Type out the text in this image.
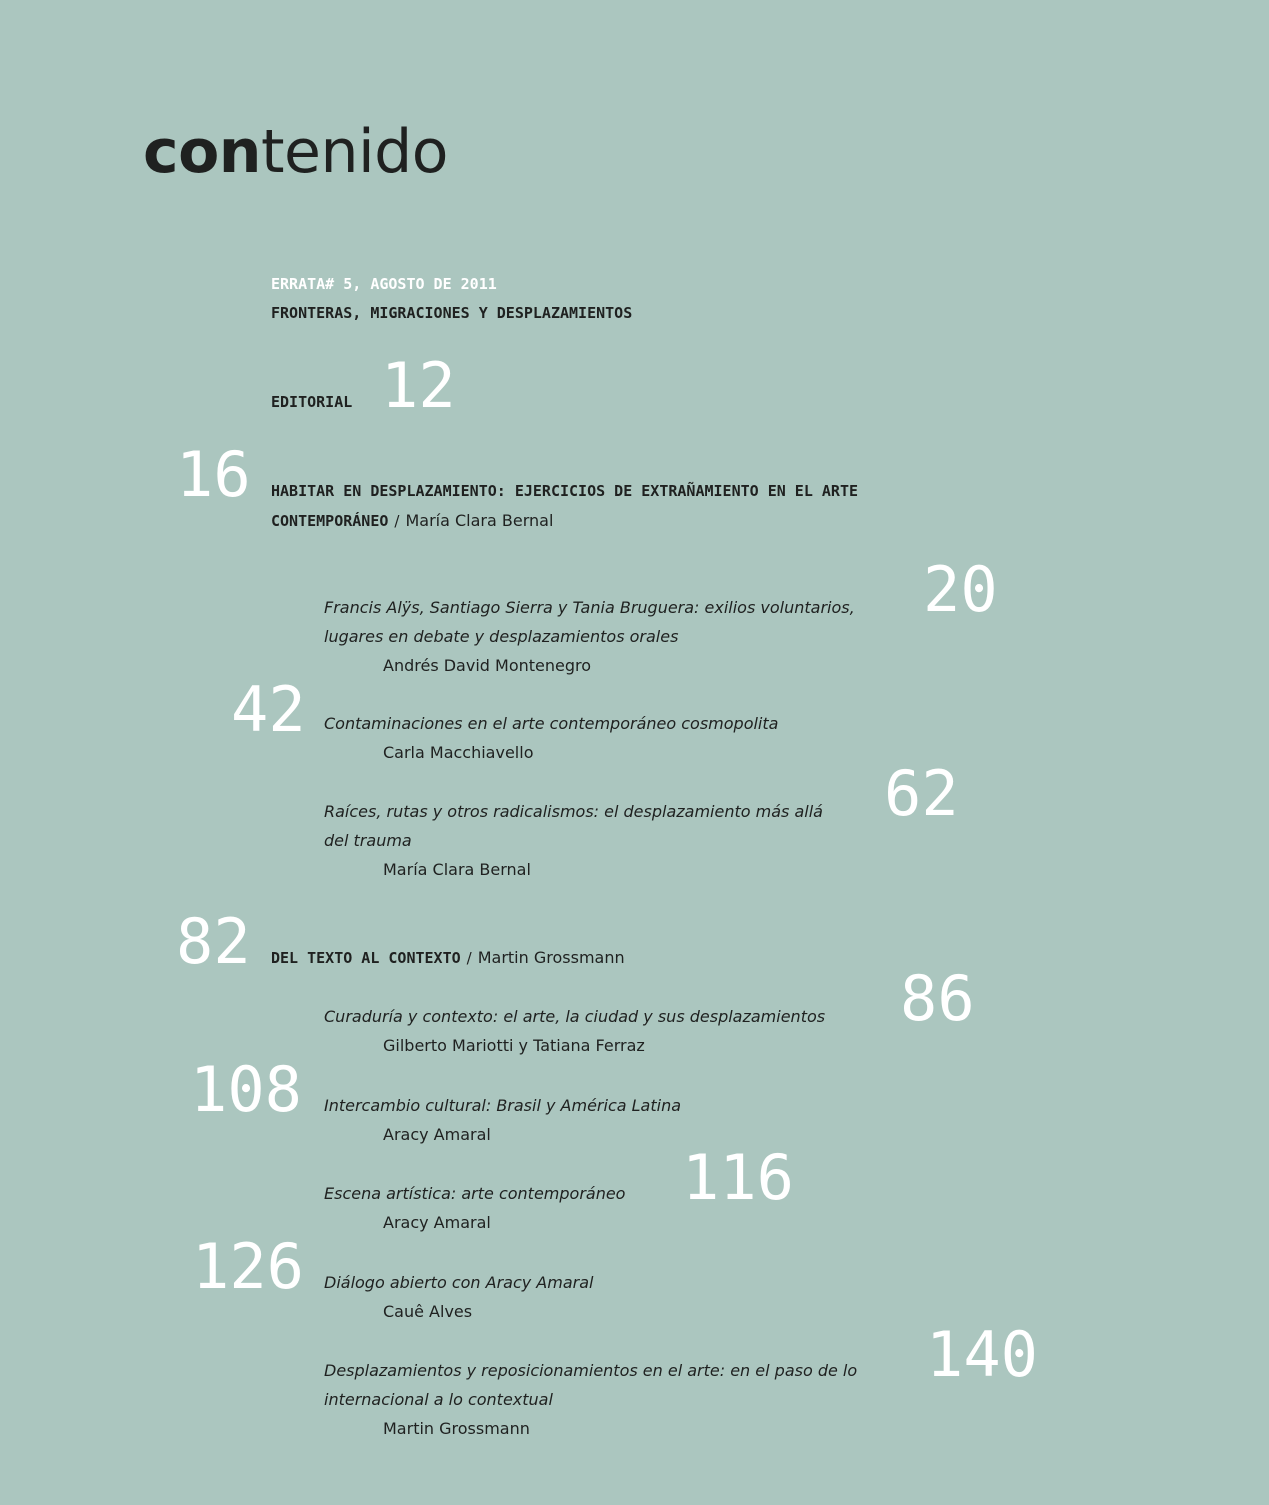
contenido
ERRATA# 5, AGOSTO DE 2011
FRONTERAS, MIGRACIONES Y DESPLAZAMIENTOS
EDITORIAL 12
16 HABITAR EN DESPLAZAMIENTO: EJERCICIOS DE EXTRAÑAMIENTO EN EL ARTE
CONTEMPORÁNEO / María Clara Bernal
Francis Alÿs, Santiago Sierra y Tania Bruguera: exilios voluntarios,
lugares en debate y desplazamientos orales
Andrés David Montenegro
20
42 Contaminaciones en el arte contemporáneo cosmopolita
Carla Macchiavello
Raíces, rutas y otros radicalismos: el desplazamiento más allá
del trauma
María Clara Bernal
62
82 DEL TEXTO AL CONTEXTO / Martin Grossmann
Curaduría y contexto: el arte, la ciudad y sus desplazamientos
Gilberto Mariotti y Tatiana Ferraz
86
108 Intercambio cultural: Brasil y América Latina
Aracy Amaral
Escena artística: arte contemporáneo
Aracy Amaral
116
126 Diálogo abierto con Aracy Amaral
Cauê Alves
Desplazamientos y reposicionamientos en el arte: en el paso de lo
internacional a lo contextual
Martin Grossmann
140
